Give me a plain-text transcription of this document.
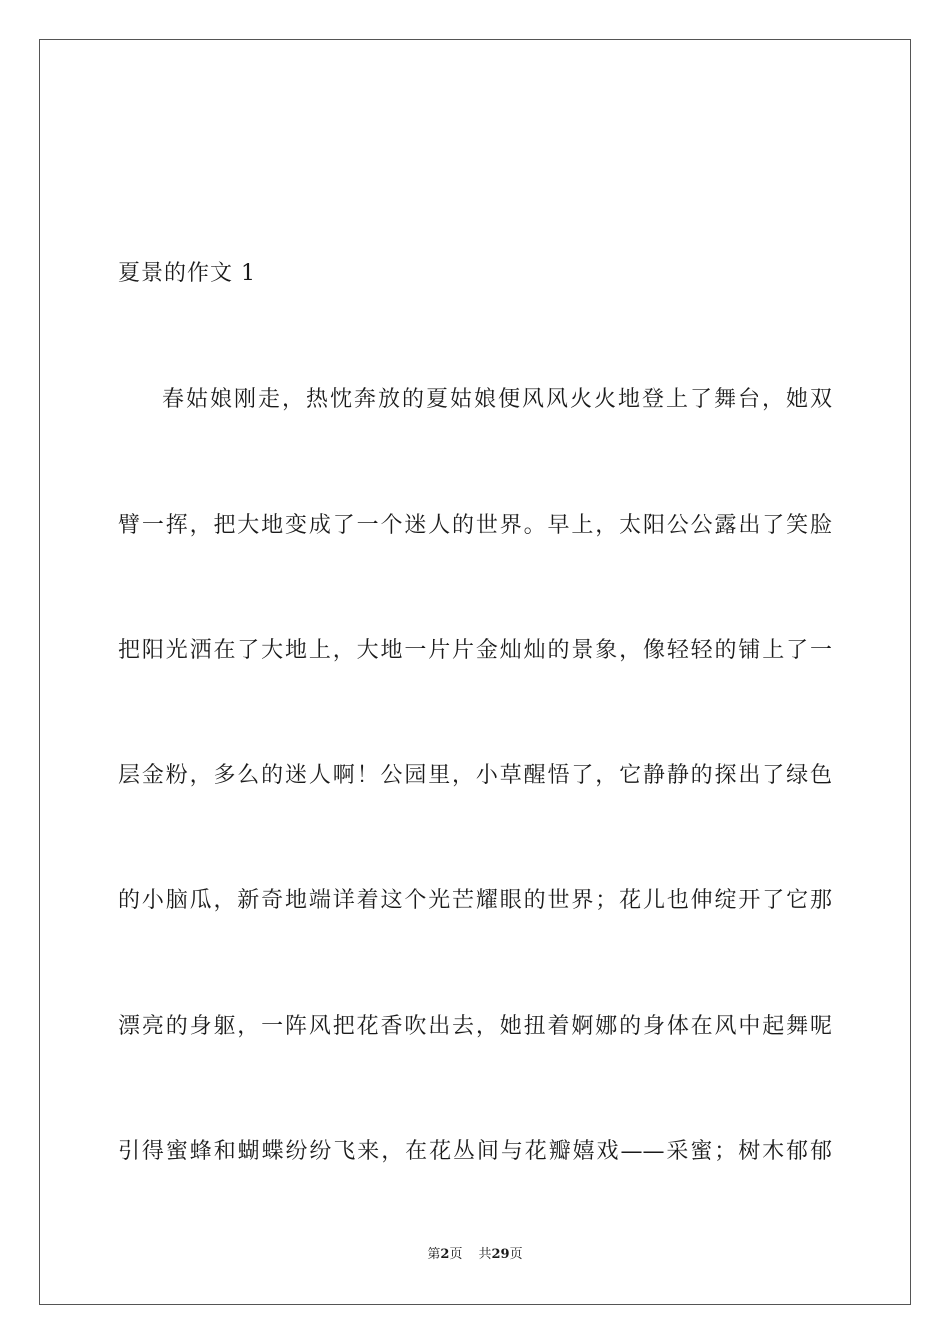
夏景的作文 1
春姑娘刚走，热忱奔放的夏姑娘便风风火火地登上了舞台，她双
臂一挥，把大地变成了一个迷人的世界。早上，太阳公公露出了笑脸
把阳光洒在了大地上，大地一片片金灿灿的景象，像轻轻的铺上了一
层金粉，多么的迷人啊！公园里，小草醒悟了，它静静的探出了绿色
的小脑瓜，新奇地端详着这个光芒耀眼的世界；花儿也伸绽开了它那
漂亮的身躯，一阵风把花香吹出去，她扭着婀娜的身体在风中起舞呢
引得蜜蜂和蝴蝶纷纷飞来，在花丛间与花瓣嬉戏——采蜜；树木郁郁
第2页 共29页
